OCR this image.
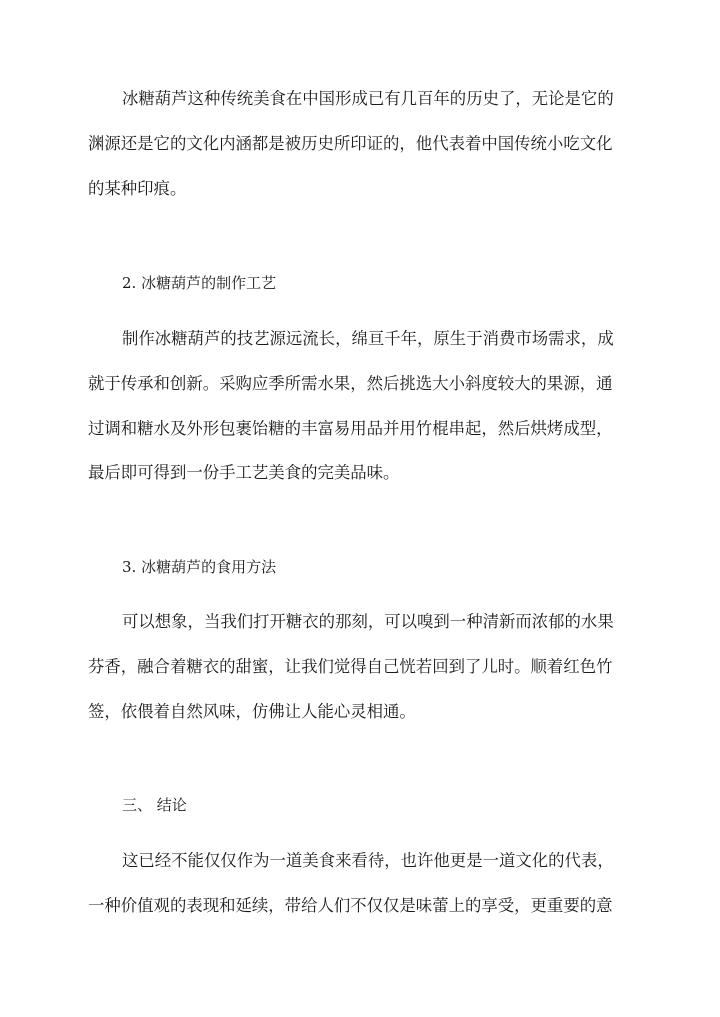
冰糖葫芦这种传统美食在中国形成已有几百年的历史了，无论是它的
渊源还是它的文化内涵都是被历史所印证的，他代表着中国传统小吃文化
的某种印痕。
2. 冰糖葫芦的制作工艺
制作冰糖葫芦的技艺源远流长，绵亘千年，原生于消费市场需求，成
就于传承和创新。采购应季所需水果，然后挑选大小斜度较大的果源，通
过调和糖水及外形包裹饴糖的丰富易用品并用竹棍串起，然后烘烤成型，
最后即可得到一份手工艺美食的完美品味。
3. 冰糖葫芦的食用方法
可以想象，当我们打开糖衣的那刻，可以嗅到一种清新而浓郁的水果
芬香，融合着糖衣的甜蜜，让我们觉得自己恍若回到了儿时。顺着红色竹
签，依偎着自然风味，仿佛让人能心灵相通。
三、 结论
这已经不能仅仅作为一道美食来看待，也许他更是一道文化的代表，
一种价值观的表现和延续，带给人们不仅仅是味蕾上的享受，更重要的意
